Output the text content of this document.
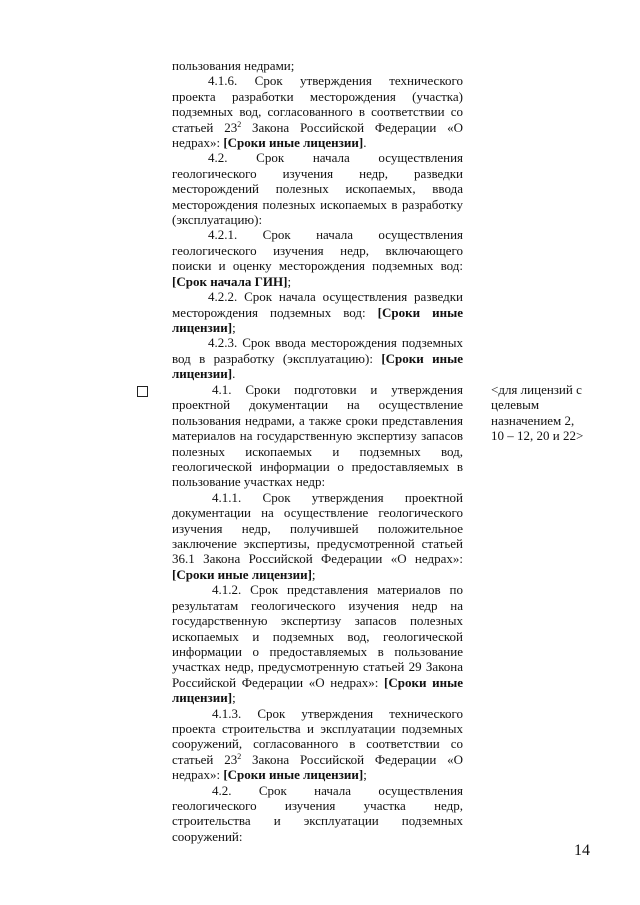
пользования недрами;

4.1.6. Срок утверждения технического проекта разработки месторождения (участка) подземных вод, согласованного в соответствии со статьей $23^2$ Закона Российской Федерации «О недрах»: [Сроки иные лицензии].

4.2. Срок начала осуществления геологического изучения недр, разведки месторождений полезных ископаемых, ввода месторождения полезных ископаемых в разработку (эксплуатацию):

4.2.1. Срок начала осуществления геологического изучения недр, включающего поиски и оценку месторождения подземных вод: [Срок начала ГИН];

4.2.2. Срок начала осуществления разведки месторождения подземных вод: [Сроки иные лицензии];

4.2.3. Срок ввода месторождения подземных вод в разработку (эксплуатацию): [Сроки иные лицензии].

4.1. Сроки подготовки и утверждения проектной документации на осуществление пользования недрами, а также сроки представления материалов на государственную экспертизу запасов полезных ископаемых и подземных вод, геологической информации о предоставляемых в пользование участках недр:

4.1.1. Срок утверждения проектной документации на осуществление геологического изучения недр, получившей положительное заключение экспертизы, предусмотренной статьей 36.1 Закона Российской Федерации «О недрах»: [Сроки иные лицензии];

4.1.2. Срок представления материалов по результатам геологического изучения недр на государственную экспертизу запасов полезных ископаемых и подземных вод, геологической информации о предоставляемых в пользование участках недр, предусмотренную статьей 29 Закона Российской Федерации «О недрах»: [Сроки иные лицензии];

4.1.3. Срок утверждения технического проекта строительства и эксплуатации подземных сооружений, согласованного в соответствии со статьей $23^2$ Закона Российской Федерации «О недрах»: [Сроки иные лицензии];

4.2. Срок начала осуществления геологического изучения участка недр, строительства и эксплуатации подземных сооружений:

<для лицензий с
целевым
назначением 2,
10 – 12, 20 и 22>
14
